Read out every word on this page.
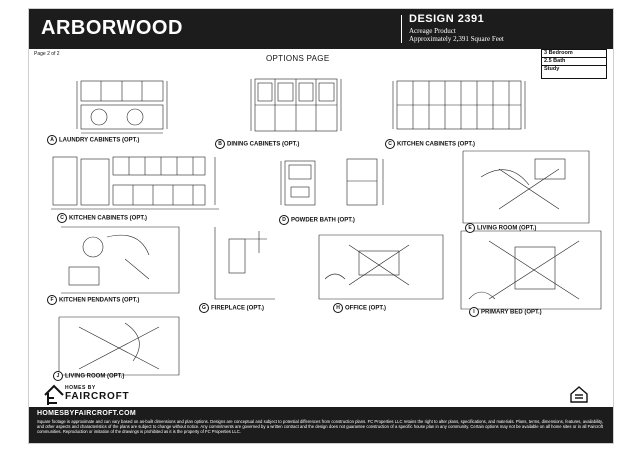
ARBORWOOD	DESIGN 2391
Acreage Product
Approximately 2,391 Square Feet
Page 2 of 2	OPTIONS PAGE
3 Bedroom
2.5 Bath
Study
A LAUNDRY CABINETS (OPT.)
B DINING CABINETS (OPT.)	C KITCHEN CABINETS (OPT.)
C KITCHEN CABINETS (OPT.)	D POWDER BATH (OPT.)
E LIVING ROOM (OPT.)
F KITCHEN PENDANTS (OPT.)
G FIREPLACE (OPT.)	H OFFICE (OPT.)
I PRIMARY BED (OPT.)
J LIVING ROOM (OPT.)
HOMES BY
FAIRCROFT
HOMESBYFAIRCROFT.COM
Square footage is approximate and can vary based on as-built dimensions and plan options. Designs are conceptual and subject to potential differences from construction plans. FC Properties LLC retains the right to alter plans, specifications, and materials. Plans, terms, dimensions, features, availability, and other aspects and characteristics of the plans are subject to change without notice. Any commitments are governed by a written contract and the design does not guarantee construction of a specific house plan in any community. Certain options may not be available on all home sites or in all Faircroft communities. Reproduction or imitation of the drawings is prohibited as it is the property of FC Properties LLC.
